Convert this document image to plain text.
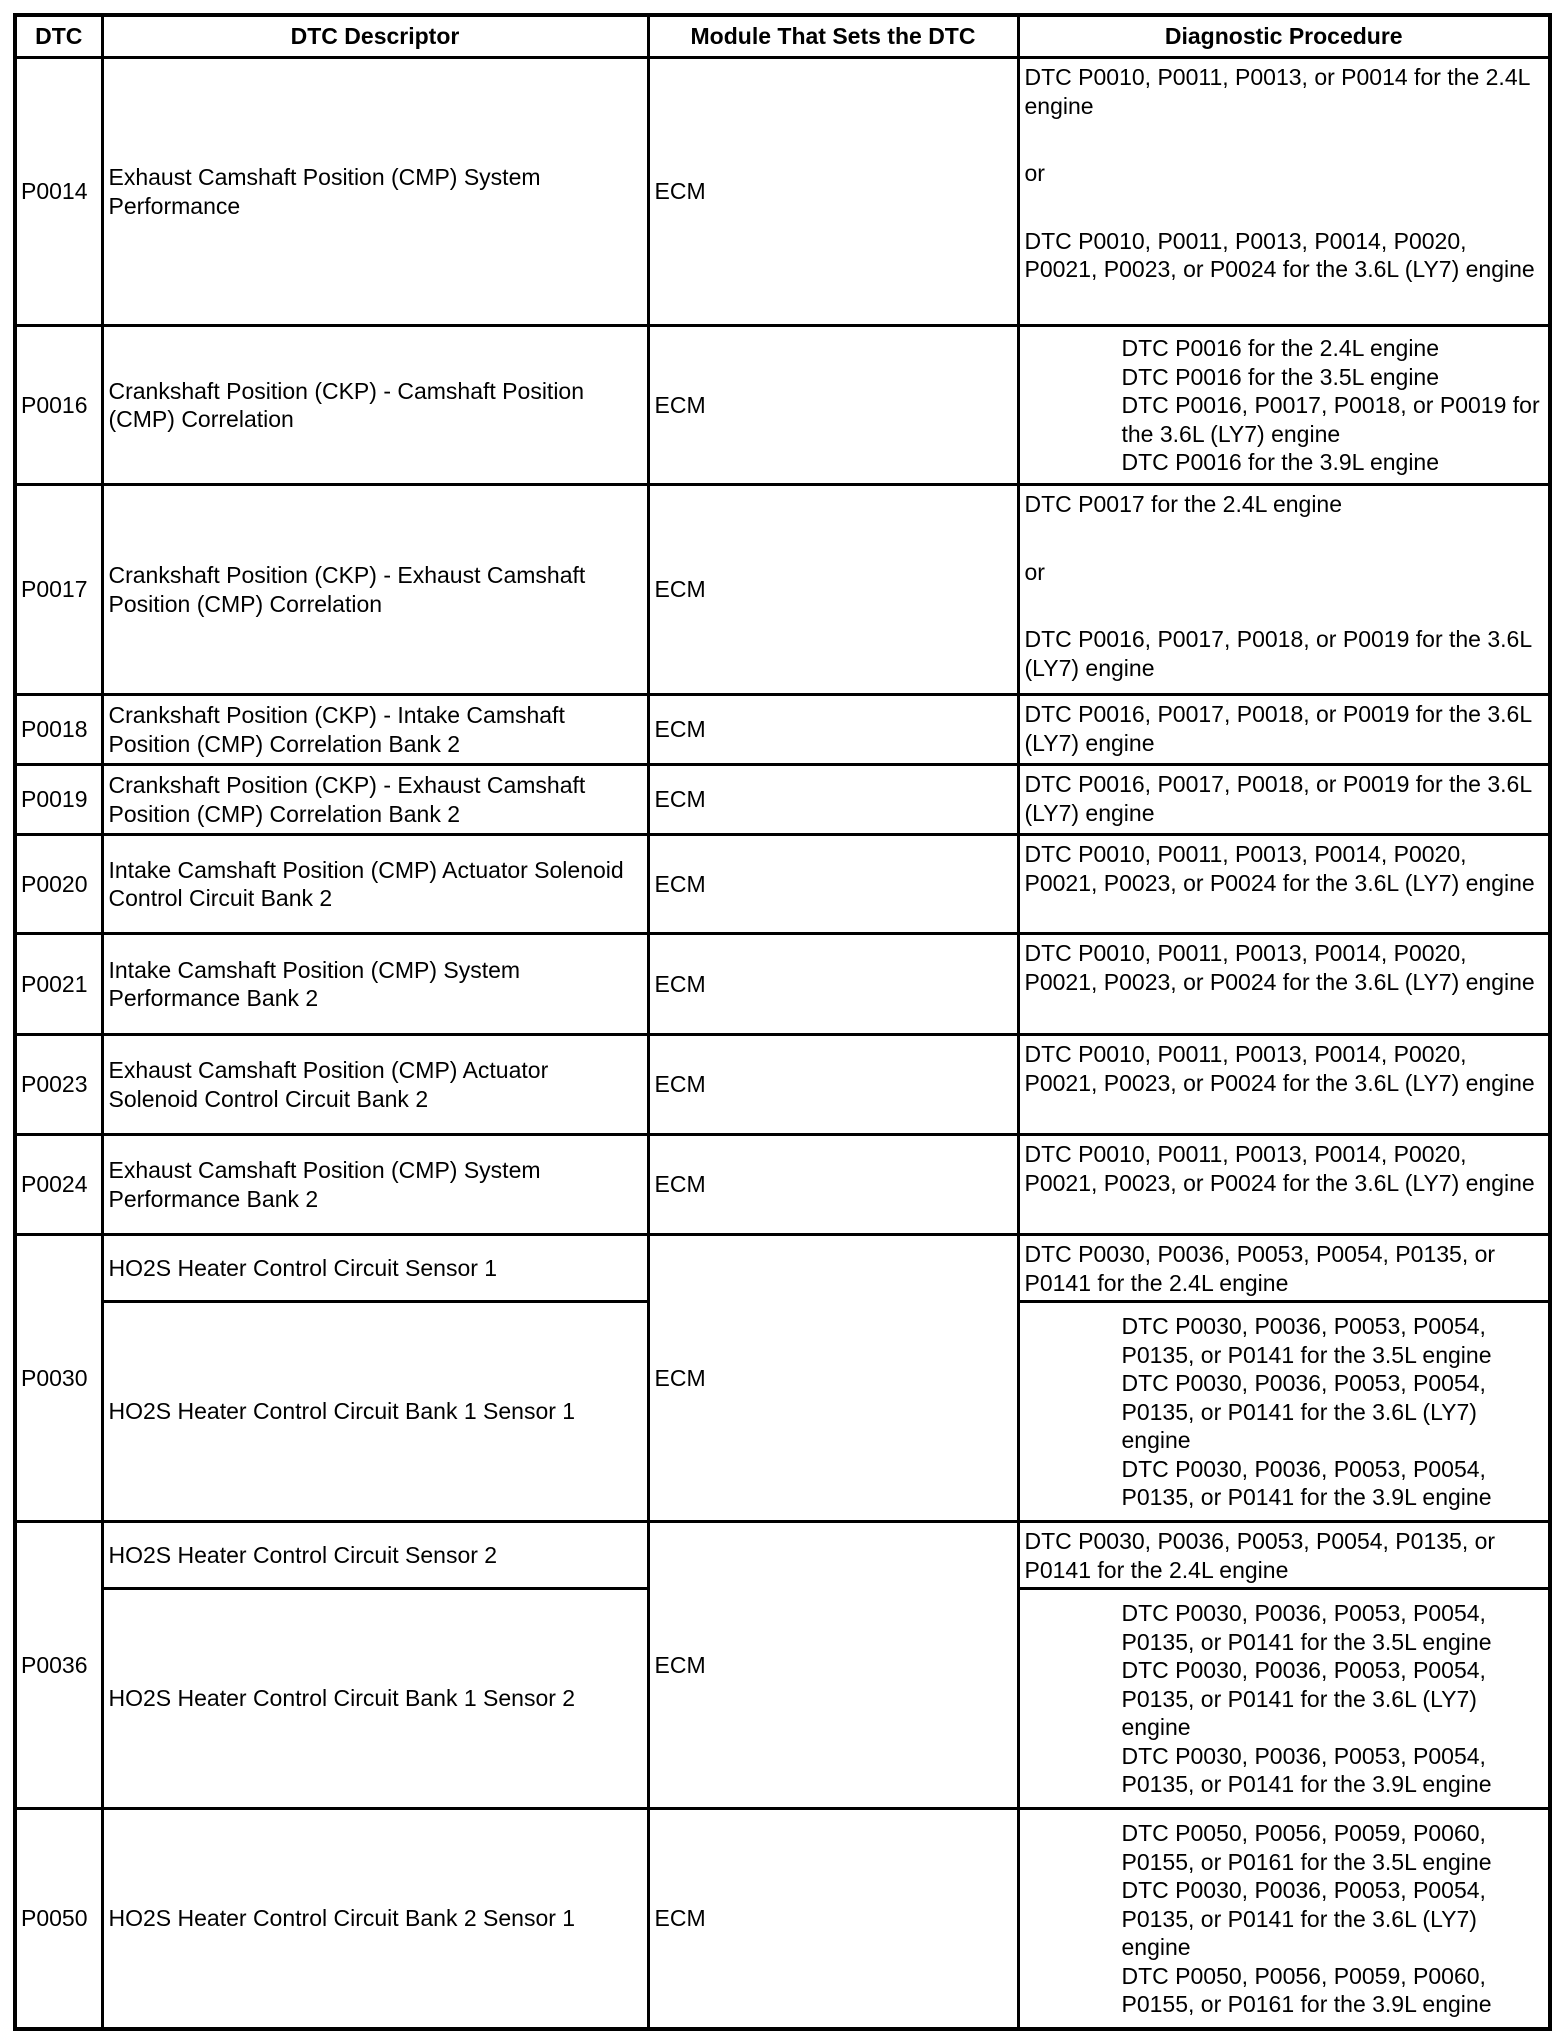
DTC	DTC Descriptor	Module That Sets the DTC	Diagnostic Procedure
P0014	Exhaust Camshaft Position (CMP) System Performance	ECM	DTC P0010, P0011, P0013, or P0014 for the 2.4L engine
or
DTC P0010, P0011, P0013, P0014, P0020, P0021, P0023, or P0024 for the 3.6L (LY7) engine

P0016	Crankshaft Position (CKP) - Camshaft Position (CMP) Correlation	ECM	DTC P0016 for the 2.4L engine
DTC P0016 for the 3.5L engine
DTC P0016, P0017, P0018, or P0019 for the 3.6L (LY7) engine
DTC P0016 for the 3.9L engine

P0017	Crankshaft Position (CKP) - Exhaust Camshaft Position (CMP) Correlation	ECM	DTC P0017 for the 2.4L engine
or
DTC P0016, P0017, P0018, or P0019 for the 3.6L (LY7) engine

P0018	Crankshaft Position (CKP) - Intake Camshaft Position (CMP) Correlation Bank 2	ECM	DTC P0016, P0017, P0018, or P0019 for the 3.6L (LY7) engine
P0019	Crankshaft Position (CKP) - Exhaust Camshaft Position (CMP) Correlation Bank 2	ECM	DTC P0016, P0017, P0018, or P0019 for the 3.6L (LY7) engine
P0020	Intake Camshaft Position (CMP) Actuator Solenoid Control Circuit Bank 2	ECM	DTC P0010, P0011, P0013, P0014, P0020, P0021, P0023, or P0024 for the 3.6L (LY7) engine
P0021	Intake Camshaft Position (CMP) System Performance Bank 2	ECM	DTC P0010, P0011, P0013, P0014, P0020, P0021, P0023, or P0024 for the 3.6L (LY7) engine
P0023	Exhaust Camshaft Position (CMP) Actuator Solenoid Control Circuit Bank 2	ECM	DTC P0010, P0011, P0013, P0014, P0020, P0021, P0023, or P0024 for the 3.6L (LY7) engine
P0024	Exhaust Camshaft Position (CMP) System Performance Bank 2	ECM	DTC P0010, P0011, P0013, P0014, P0020, P0021, P0023, or P0024 for the 3.6L (LY7) engine
P0030	HO2S Heater Control Circuit Sensor 1	ECM	DTC P0030, P0036, P0053, P0054, P0135, or P0141 for the 2.4L engine
	HO2S Heater Control Circuit Bank 1 Sensor 1		DTC P0030, P0036, P0053, P0054, P0135, or P0141 for the 3.5L engine
DTC P0030, P0036, P0053, P0054, P0135, or P0141 for the 3.6L (LY7) engine
DTC P0030, P0036, P0053, P0054, P0135, or P0141 for the 3.9L engine

P0036	HO2S Heater Control Circuit Sensor 2	ECM	DTC P0030, P0036, P0053, P0054, P0135, or P0141 for the 2.4L engine
	HO2S Heater Control Circuit Bank 1 Sensor 2		DTC P0030, P0036, P0053, P0054, P0135, or P0141 for the 3.5L engine
DTC P0030, P0036, P0053, P0054, P0135, or P0141 for the 3.6L (LY7) engine
DTC P0030, P0036, P0053, P0054, P0135, or P0141 for the 3.9L engine

P0050	HO2S Heater Control Circuit Bank 2 Sensor 1	ECM	DTC P0050, P0056, P0059, P0060, P0155, or P0161 for the 3.5L engine
DTC P0030, P0036, P0053, P0054, P0135, or P0141 for the 3.6L (LY7) engine
DTC P0050, P0056, P0059, P0060, P0155, or P0161 for the 3.9L engine
